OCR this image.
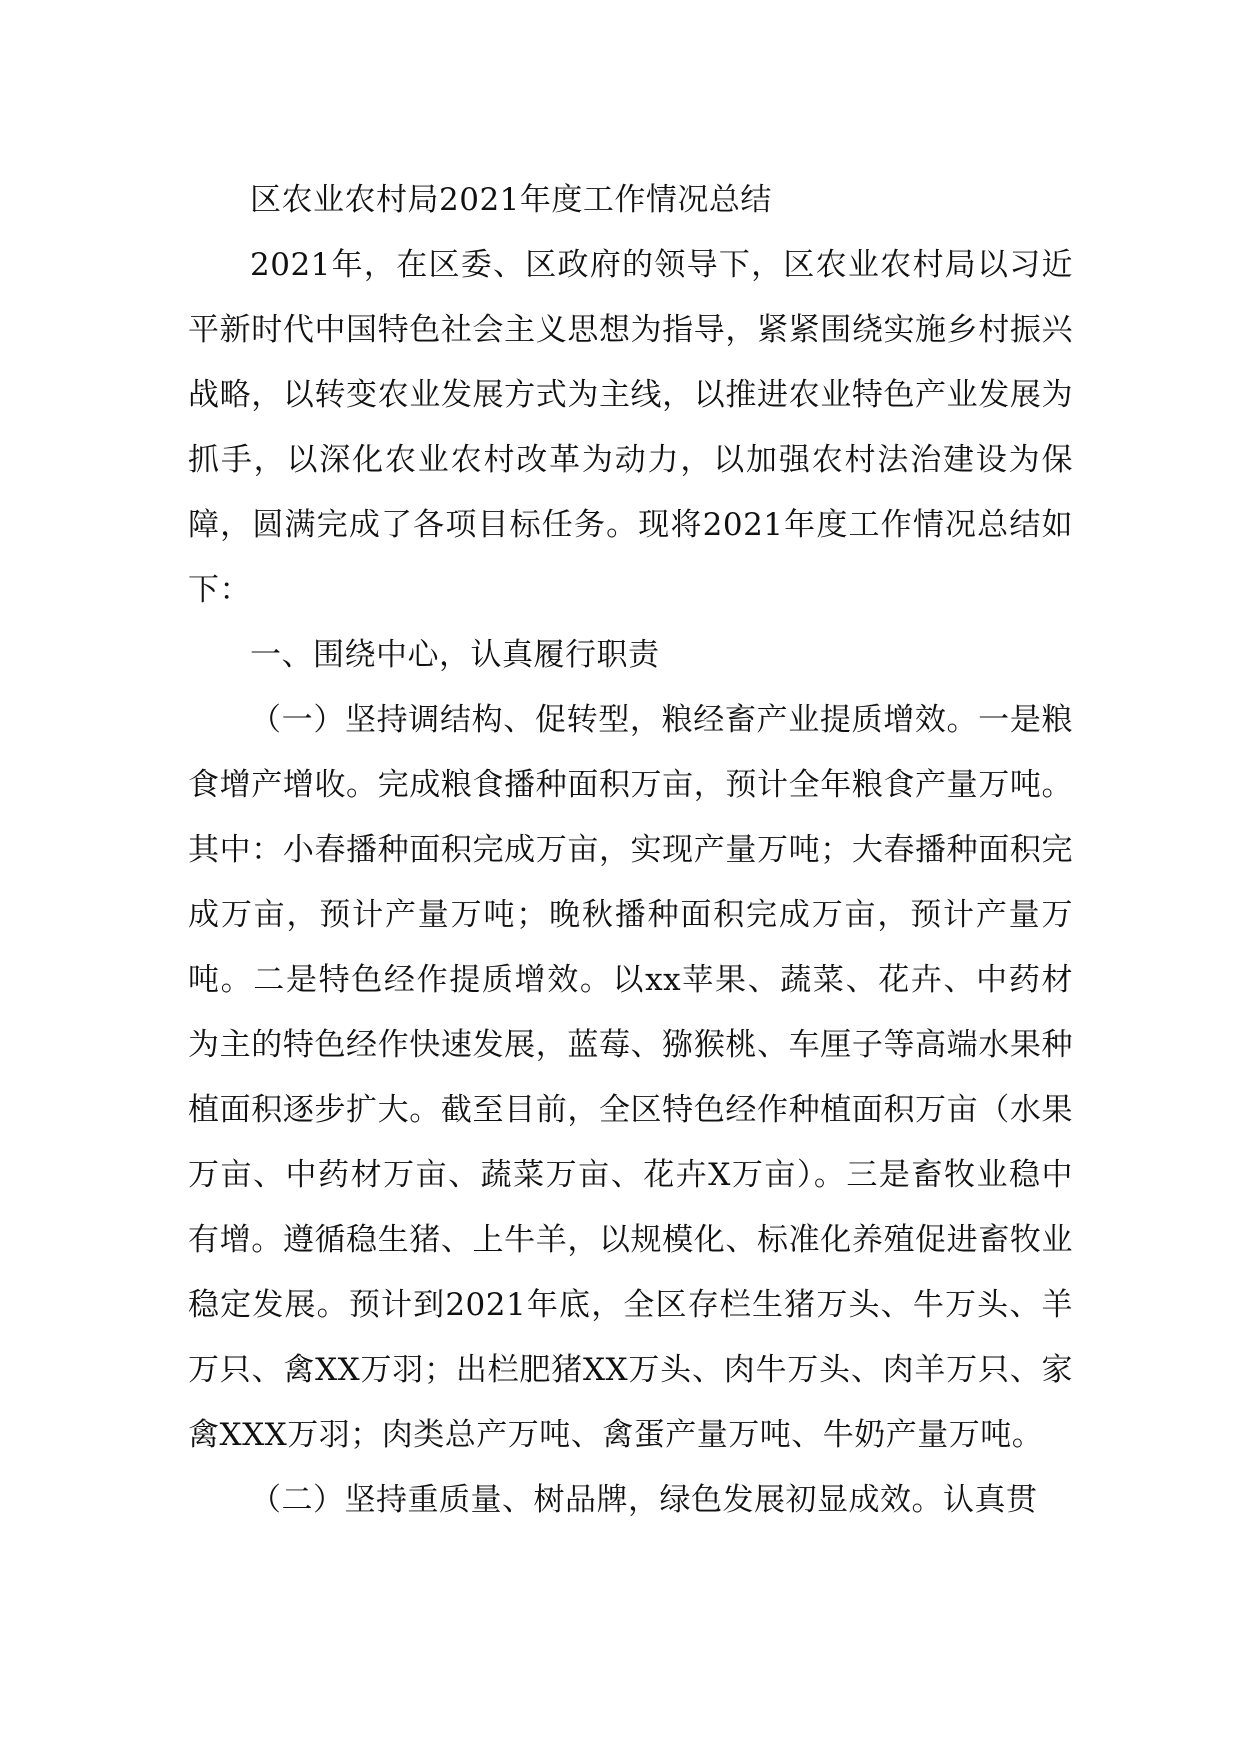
区农业农村局2021年度工作情况总结

2021年，在区委、区政府的领导下，区农业农村局以习近平新时代中国特色社会主义思想为指导，紧紧围绕实施乡村振兴战略，以转变农业发展方式为主线，以推进农业特色产业发展为抓手，以深化农业农村改革为动力，以加强农村法治建设为保障，圆满完成了各项目标任务。现将2021年度工作情况总结如下：

一、围绕中心，认真履行职责

（一）坚持调结构、促转型，粮经畜产业提质增效。一是粮食增产增收。完成粮食播种面积万亩，预计全年粮食产量万吨。其中：小春播种面积完成万亩，实现产量万吨；大春播种面积完成万亩，预计产量万吨；晚秋播种面积完成万亩，预计产量万吨。二是特色经作提质增效。以xx苹果、蔬菜、花卉、中药材为主的特色经作快速发展，蓝莓、猕猴桃、车厘子等高端水果种植面积逐步扩大。截至目前，全区特色经作种植面积万亩（水果万亩、中药材万亩、蔬菜万亩、花卉X万亩）。三是畜牧业稳中有增。遵循稳生猪、上牛羊，以规模化、标准化养殖促进畜牧业稳定发展。预计到2021年底，全区存栏生猪万头、牛万头、羊万只、禽XX万羽；出栏肥猪XX万头、肉牛万头、肉羊万只、家禽XXX万羽；肉类总产万吨、禽蛋产量万吨、牛奶产量万吨。

（二）坚持重质量、树品牌，绿色发展初显成效。认真贯
